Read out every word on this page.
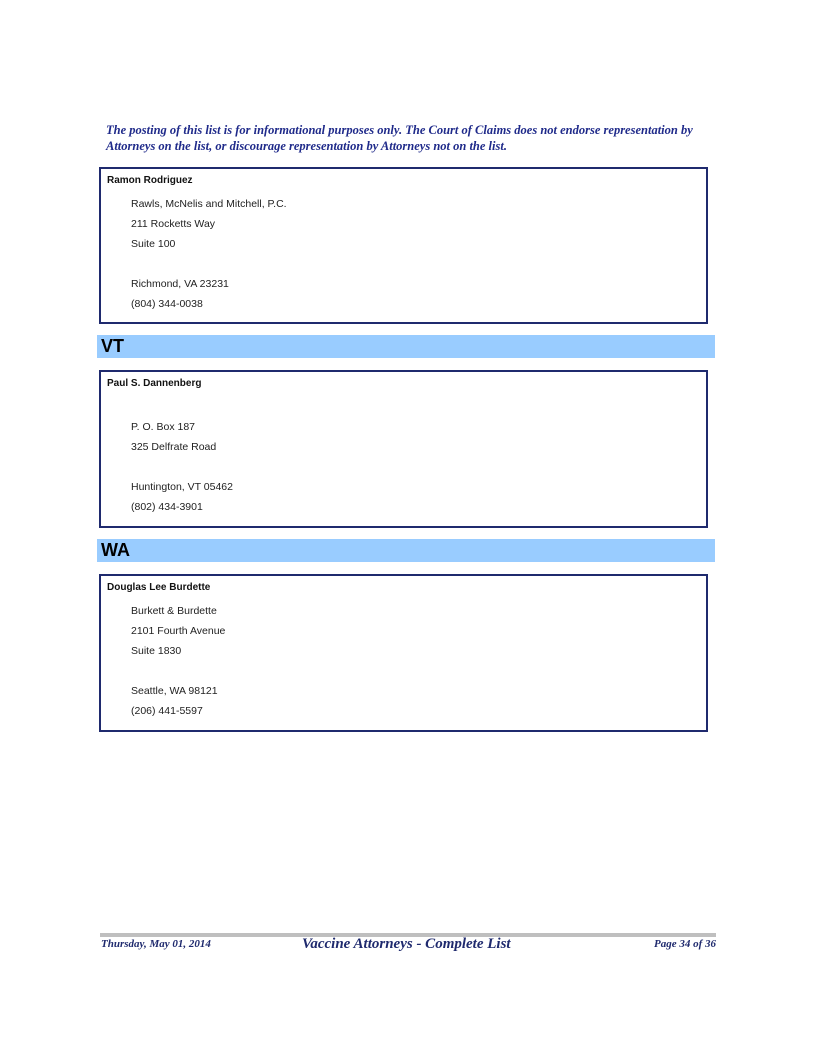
The posting of this list is for informational purposes only. The Court of Claims does not endorse representation by Attorneys on the list, or discourage representation by Attorneys not on the list.

Ramon Rodriguez
Rawls, McNelis and Mitchell, P.C.
211 Rocketts Way
Suite 100
Richmond, VA 23231
(804) 344-0038
VT
Paul S. Dannenberg
P. O. Box 187
325 Delfrate Road
Huntington, VT 05462
(802) 434-3901
WA
Douglas Lee Burdette
Burkett & Burdette
2101 Fourth Avenue
Suite 1830
Seattle, WA 98121
(206) 441-5597
Thursday, May 01, 2014	Vaccine Attorneys - Complete List	Page 34 of 36
